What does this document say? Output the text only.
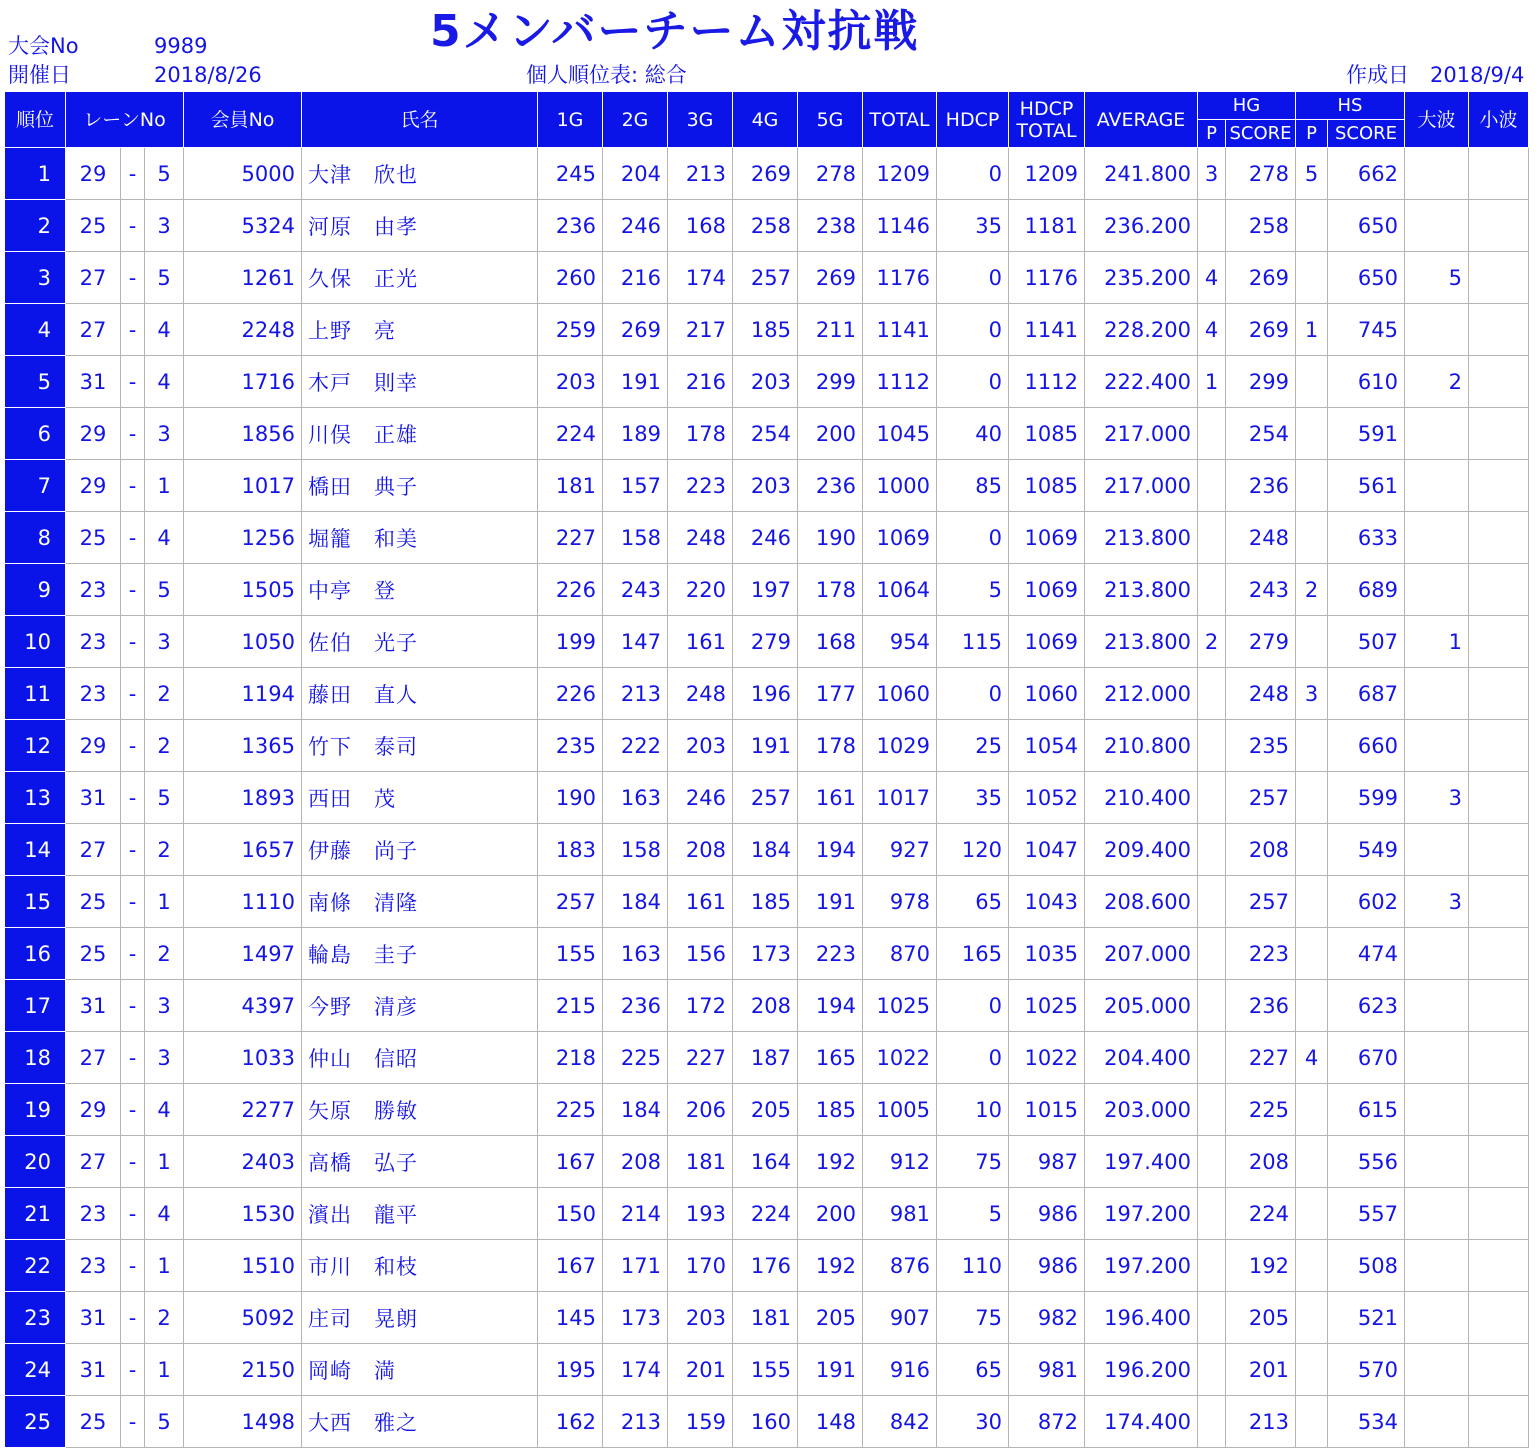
大会No	9989
開催日	2018/8/26
5メンバーチーム対抗戦
個人順位表: 総合	作成日 2018/9/4
順位	レーンNo			会員No	氏名	1G	2G	3G	4G	5G	TOTAL	HDCP	HDCP
TOTAL	AVERAGE	HG		HS		大波	小波
															P	SCORE	P	SCORE		
1	29	-	5	5000	大津　欣也	245	204	213	269	278	1209	0	1209	241.800	3	278	5	662		
2	25	-	3	5324	河原　由孝	236	246	168	258	238	1146	35	1181	236.200		258		650		
3	27	-	5	1261	久保　正光	260	216	174	257	269	1176	0	1176	235.200	4	269		650	5	
4	27	-	4	2248	上野　亮	259	269	217	185	211	1141	0	1141	228.200	4	269	1	745		
5	31	-	4	1716	木戸　則幸	203	191	216	203	299	1112	0	1112	222.400	1	299		610	2	
6	29	-	3	1856	川俣　正雄	224	189	178	254	200	1045	40	1085	217.000		254		591		
7	29	-	1	1017	橋田　典子	181	157	223	203	236	1000	85	1085	217.000		236		561		
8	25	-	4	1256	堀籠　和美	227	158	248	246	190	1069	0	1069	213.800		248		633		
9	23	-	5	1505	中亭　登	226	243	220	197	178	1064	5	1069	213.800		243	2	689		
10	23	-	3	1050	佐伯　光子	199	147	161	279	168	954	115	1069	213.800	2	279		507	1	
11	23	-	2	1194	藤田　直人	226	213	248	196	177	1060	0	1060	212.000		248	3	687		
12	29	-	2	1365	竹下　泰司	235	222	203	191	178	1029	25	1054	210.800		235		660		
13	31	-	5	1893	西田　茂	190	163	246	257	161	1017	35	1052	210.400		257		599	3	
14	27	-	2	1657	伊藤　尚子	183	158	208	184	194	927	120	1047	209.400		208		549		
15	25	-	1	1110	南條　清隆	257	184	161	185	191	978	65	1043	208.600		257		602	3	
16	25	-	2	1497	輪島　圭子	155	163	156	173	223	870	165	1035	207.000		223		474		
17	31	-	3	4397	今野　清彦	215	236	172	208	194	1025	0	1025	205.000		236		623		
18	27	-	3	1033	仲山　信昭	218	225	227	187	165	1022	0	1022	204.400		227	4	670		
19	29	-	4	2277	矢原　勝敏	225	184	206	205	185	1005	10	1015	203.000		225		615		
20	27	-	1	2403	高橋　弘子	167	208	181	164	192	912	75	987	197.400		208		556		
21	23	-	4	1530	濱出　龍平	150	214	193	224	200	981	5	986	197.200		224		557		
22	23	-	1	1510	市川　和枝	167	171	170	176	192	876	110	986	197.200		192		508		
23	31	-	2	5092	庄司　晃朗	145	173	203	181	205	907	75	982	196.400		205		521		
24	31	-	1	2150	岡崎　満	195	174	201	155	191	916	65	981	196.200		201		570		
25	25	-	5	1498	大西　雅之	162	213	159	160	148	842	30	872	174.400		213		534		
